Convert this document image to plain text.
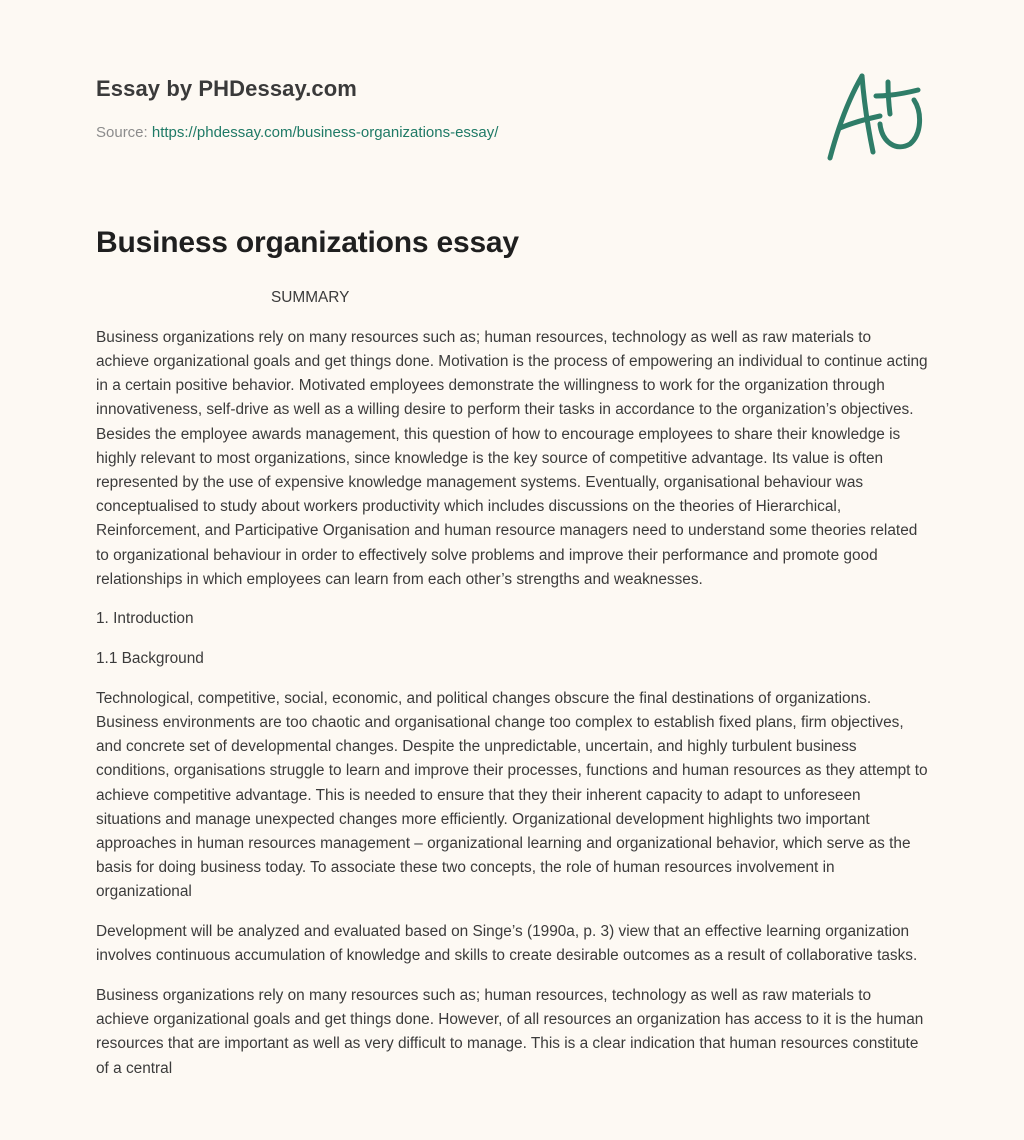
Essay by PHDessay.com
Source: https://phdessay.com/business-organizations-essay/
Business organizations essay

SUMMARY

Business organizations rely on many resources such as; human resources, technology as well as raw materials to achieve organizational goals and get things done. Motivation is the process of empowering an individual to continue acting in a certain positive behavior. Motivated employees demonstrate the willingness to work for the organization through innovativeness, self-drive as well as a willing desire to perform their tasks in accordance to the organization’s objectives. Besides the employee awards management, this question of how to encourage employees to share their knowledge is highly relevant to most organizations, since knowledge is the key source of competitive advantage. Its value is often represented by the use of expensive knowledge management systems. Eventually, organisational behaviour was conceptualised to study about workers productivity which includes discussions on the theories of Hierarchical, Reinforcement, and Participative Organisation and human resource managers need to understand some theories related to organizational behaviour in order to effectively solve problems and improve their performance and promote good relationships in which employees can learn from each other’s strengths and weaknesses.

1. Introduction

1.1 Background

Technological, competitive, social, economic, and political changes obscure the final destinations of organizations. Business environments are too chaotic and organisational change too complex to establish fixed plans, firm objectives, and concrete set of developmental changes. Despite the unpredictable, uncertain, and highly turbulent business conditions, organisations struggle to learn and improve their processes, functions and human resources as they attempt to achieve competitive advantage. This is needed to ensure that they their inherent capacity to adapt to unforeseen situations and manage unexpected changes more efficiently. Organizational development highlights two important approaches in human resources management – organizational learning and organizational behavior, which serve as the basis for doing business today. To associate these two concepts, the role of human resources involvement in organizational

Development will be analyzed and evaluated based on Singe’s (1990a, p. 3) view that an effective learning organization involves continuous accumulation of knowledge and skills to create desirable outcomes as a result of collaborative tasks.

Business organizations rely on many resources such as; human resources, technology as well as raw materials to achieve organizational goals and get things done. However, of all resources an organization has access to it is the human resources that are important as well as very difficult to manage. This is a clear indication that human resources constitute of a central
